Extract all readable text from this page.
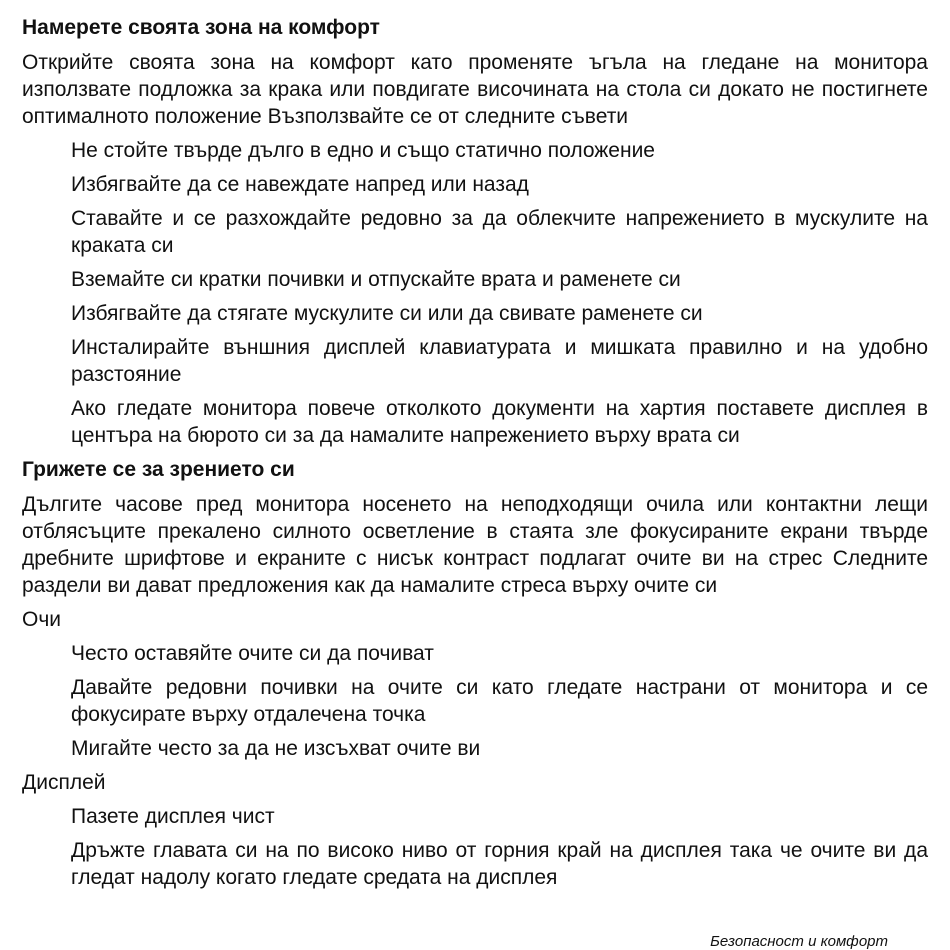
Намерете своята зона на комфорт
Открийте своята зона на комфорт като променяте ъгъла на гледане на монитора използвате подложка за крака или повдигате височината на стола си докато не постигнете оптималното положение Възползвайте се от следните съвети
Не стойте твърде дълго в едно и също статично положение
Избягвайте да се навеждате напред или назад
Ставайте и се разхождайте редовно за да облекчите напрежението в мускулите на краката си
Вземайте си кратки почивки и отпускайте врата и раменете си
Избягвайте да стягате мускулите си или да свивате раменете си
Инсталирайте външния дисплей клавиатурата и мишката правилно и на удобно разстояние
Ако гледате монитора повече отколкото документи на хартия поставете дисплея в центъра на бюрото си за да намалите напрежението върху врата си
Грижете се за зрението си
Дългите часове пред монитора носенето на неподходящи очила или контактни лещи отблясъците прекалено силното осветление в стаята зле фокусираните екрани твърде дребните шрифтове и екраните с нисък контраст подлагат очите ви на стрес Следните раздели ви дават предложения как да намалите стреса върху очите си
Очи
Често оставяйте очите си да почиват
Давайте редовни почивки на очите си като гледате настрани от монитора и се фокусирате върху отдалечена точка
Мигайте често за да не изсъхват очите ви
Дисплей
Пазете дисплея чист
Дръжте главата си на по високо ниво от горния край на дисплея така че очите ви да гледат надолу когато гледате средата на дисплея
Безопасност и комфорт
